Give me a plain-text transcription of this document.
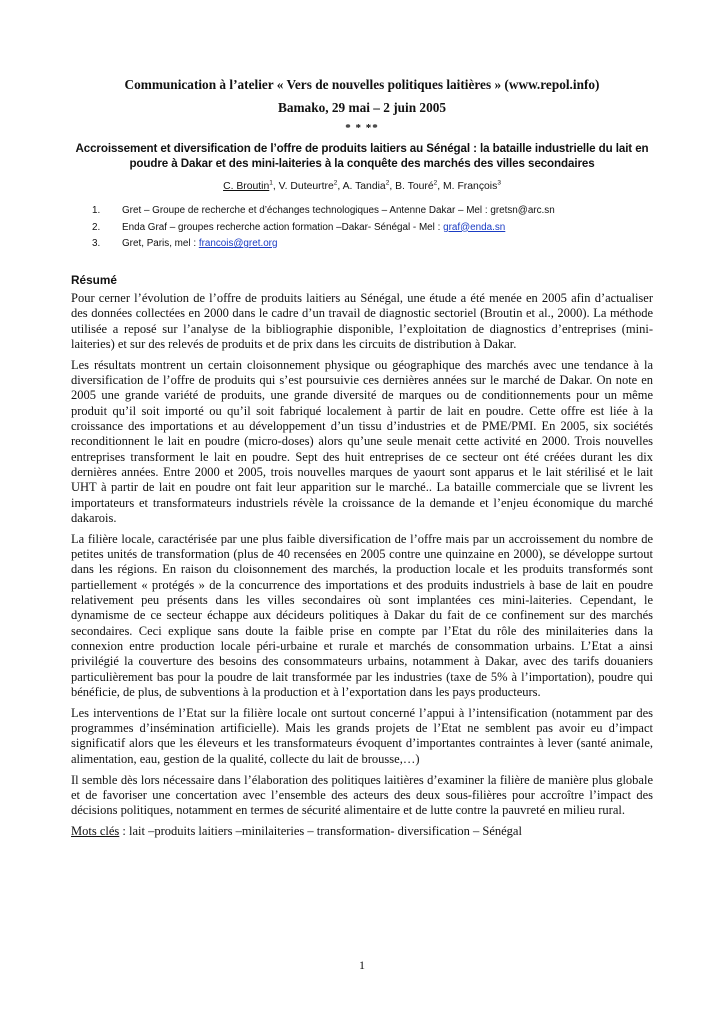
Communication à l’atelier « Vers de nouvelles politiques laitières » (www.repol.info)
Bamako, 29 mai – 2 juin 2005
* * **
Accroissement et diversification de l’offre de produits laitiers au Sénégal : la bataille industrielle du lait en poudre à Dakar et des mini-laiteries à la conquête des marchés des villes secondaires
C. Broutin$^1$, V. Duteurtre$^2$, A. Tandia$^2$, B. Touré$^2$, M. François$^3$
1.	Gret – Groupe de recherche et d’échanges technologiques – Antenne Dakar – Mel : gretsn@arc.sn
2.	Enda Graf – groupes recherche action formation –Dakar- Sénégal - Mel :
graf@enda.sn
3.	Gret, Paris, mel :
francois@gret.org
Résumé

Pour cerner l’évolution de l’offre de produits laitiers au Sénégal, une étude a été menée en 2005 afin d’actualiser des données collectées en 2000 dans le cadre d’un travail de diagnostic sectoriel (Broutin et al., 2000). La méthode utilisée a reposé sur l’analyse de la bibliographie disponible, l’exploitation de diagnostics d’entreprises (mini-laiteries) et sur des relevés de produits et de prix dans les circuits de distribution à Dakar.

Les résultats montrent un certain cloisonnement physique ou géographique des marchés avec une tendance à la diversification de l’offre de produits qui s’est poursuivie ces dernières années sur le marché de Dakar. On note en 2005 une grande variété de produits, une grande diversité de marques ou de conditionnements pour un même produit qu’il soit importé ou qu’il soit fabriqué localement à partir de lait en poudre. Cette offre est liée à la croissance des importations et au développement d’un tissu d’industries et de PME/PMI. En 2005, six sociétés reconditionnent le lait en poudre (micro-doses) alors qu’une seule menait cette activité en 2000. Trois nouvelles entreprises transforment le lait en poudre. Sept des huit entreprises de ce secteur ont été créées durant les dix dernières années. Entre 2000 et 2005, trois nouvelles marques de yaourt sont apparus et le lait stérilisé et le lait UHT à partir de lait en poudre ont fait leur apparition sur le marché.. La bataille commerciale que se livrent les importateurs et transformateurs industriels révèle la croissance de la demande et l’enjeu économique du marché dakarois.

La filière locale, caractérisée par une plus faible diversification de l’offre mais par un accroissement du nombre de petites unités de transformation (plus de 40 recensées en 2005 contre une quinzaine en 2000), se développe surtout dans les régions. En raison du cloisonnement des marchés, la production locale et les produits transformés sont partiellement « protégés » de la concurrence des importations et des produits industriels à base de lait en poudre relativement peu présents dans les villes secondaires où sont implantées ces mini-laiteries. Cependant, le dynamisme de ce secteur échappe aux décideurs politiques à Dakar du fait de ce confinement sur des marchés secondaires. Ceci explique sans doute la faible prise en compte par l’Etat du rôle des minilaiteries dans la connexion entre production locale péri-urbaine et rurale et marchés de consommation urbains. L’Etat a ainsi privilégié la couverture des besoins des consommateurs urbains, notamment à Dakar, avec des tarifs douaniers particulièrement bas pour la poudre de lait transformée par les industries (taxe de 5% à l’importation), poudre qui bénéficie, de plus, de subventions à la production et à l’exportation dans les pays producteurs.

Les interventions de l’Etat sur la filière locale ont surtout concerné l’appui à l’intensification (notamment par des programmes d’insémination artificielle). Mais les grands projets de l’Etat ne semblent pas avoir eu d’impact significatif alors que les éleveurs et les transformateurs évoquent d’importantes contraintes à lever (santé animale, alimentation, eau, gestion de la qualité, collecte du lait de brousse,…)

Il semble dès lors nécessaire dans l’élaboration des politiques laitières d’examiner la filière de manière plus globale et de favoriser une concertation avec l’ensemble des acteurs des deux sous-filières pour accroître l’impact des décisions politiques, notamment en termes de sécurité alimentaire et de lutte contre la pauvreté en milieu rural.

Mots clés : lait –produits laitiers –minilaiteries – transformation- diversification – Sénégal

1
